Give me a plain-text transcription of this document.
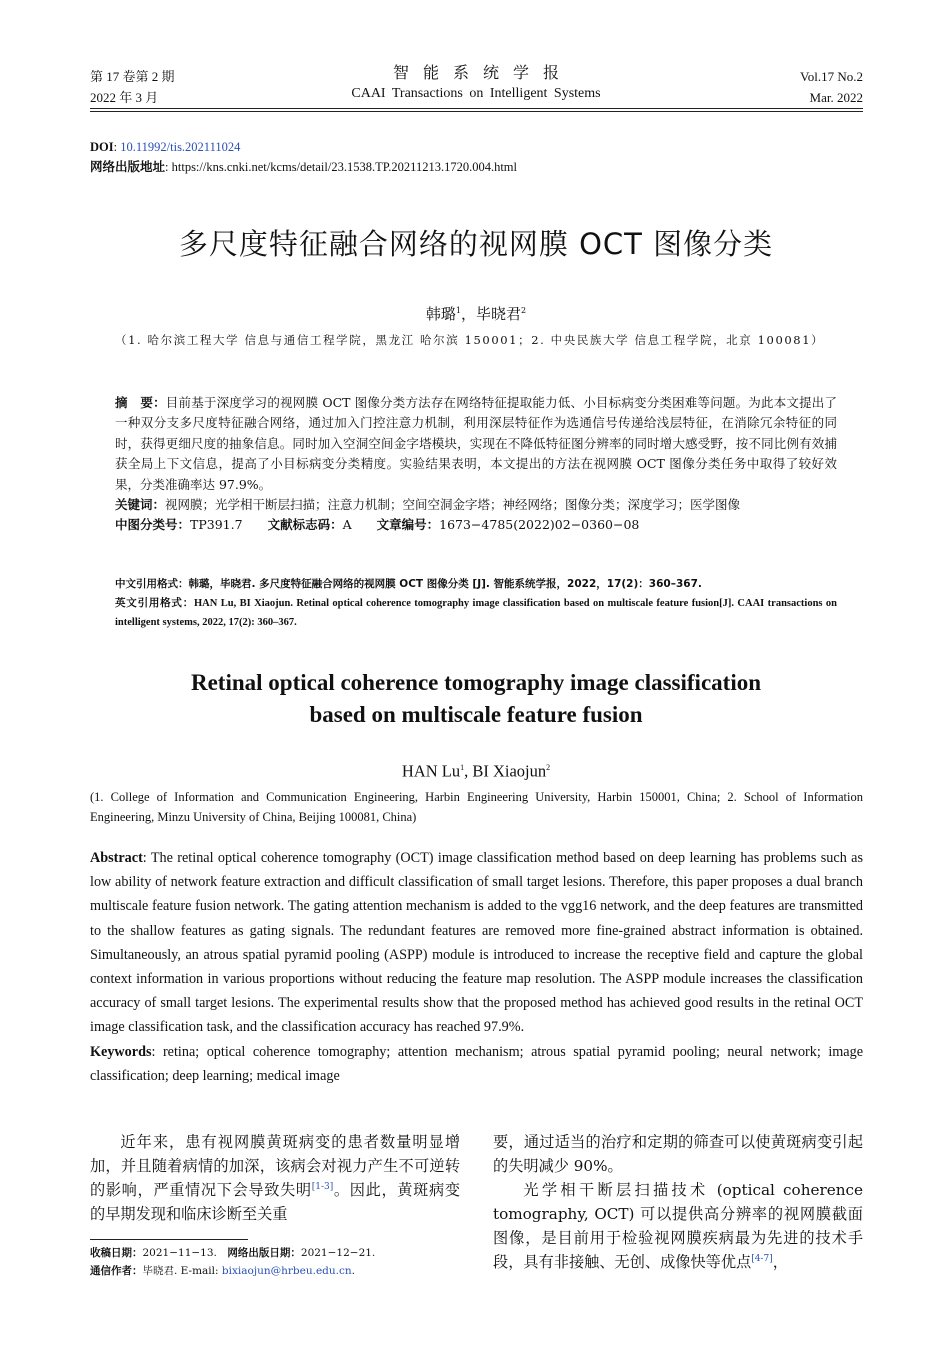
第 17 卷第 2 期
2022 年 3 月
智能系统学报
CAAI Transactions on Intelligent Systems
Vol.17 No.2
Mar. 2022
DOI: 10.11992/tis.202111024
网络出版地址: https://kns.cnki.net/kcms/detail/23.1538.TP.20211213.1720.004.html
多尺度特征融合网络的视网膜 OCT 图像分类
韩璐$^1$，毕晓君$^2$
（1. 哈尔滨工程大学 信息与通信工程学院，黑龙江 哈尔滨 150001；2. 中央民族大学 信息工程学院，北京 100081）

摘　要：目前基于深度学习的视网膜 OCT 图像分类方法存在网络特征提取能力低、小目标病变分类困难等问题。为此本文提出了一种双分支多尺度特征融合网络，通过加入门控注意力机制，利用深层特征作为选通信号传递给浅层特征，在消除冗余特征的同时，获得更细尺度的抽象信息。同时加入空洞空间金字塔模块，实现在不降低特征图分辨率的同时增大感受野，按不同比例有效捕获全局上下文信息，提高了小目标病变分类精度。实验结果表明，本文提出的方法在视网膜 OCT 图像分类任务中取得了较好效果，分类准确率达 97.9%。

关键词：视网膜；光学相干断层扫描；注意力机制；空间空洞金字塔；神经网络；图像分类；深度学习；医学图像

中图分类号：TP391.7   文献标志码：A   文章编号：1673−4785(2022)02−0360−08

中文引用格式：韩璐，毕晓君. 多尺度特征融合网络的视网膜 OCT 图像分类 [J]. 智能系统学报，2022，17(2)：360–367.

英文引用格式：HAN Lu, BI Xiaojun. Retinal optical coherence tomography image classification based on multiscale feature fusion[J]. CAAI transactions on intelligent systems, 2022, 17(2): 360–367.

Retinal optical coherence tomography image classification
based on multiscale feature fusion
HAN Lu$^1$, BI Xiaojun$^2$
(1. College of Information and Communication Engineering, Harbin Engineering University, Harbin 150001, China; 2. School of Information Engineering, Minzu University of China, Beijing 100081, China)

Abstract: The retinal optical coherence tomography (OCT) image classification method based on deep learning has problems such as low ability of network feature extraction and difficult classification of small target lesions. Therefore, this paper proposes a dual branch multiscale feature fusion network. The gating attention mechanism is added to the vgg16 network, and the deep features are transmitted to the shallow features as gating signals. The redundant features are removed more fine-grained abstract information is obtained. Simultaneously, an atrous spatial pyramid pooling (ASPP) module is introduced to increase the receptive field and capture the global context information in various proportions without reducing the feature map resolution. The ASPP module increases the classification accuracy of small target lesions. The experimental results show that the proposed method has achieved good results in the retinal OCT image classification task, and the classification accuracy has reached 97.9%.

Keywords: retina; optical coherence tomography; attention mechanism; atrous spatial pyramid pooling; neural network; image classification; deep learning; medical image

近年来，患有视网膜黄斑病变的患者数量明显增加，并且随着病情的加深，该病会对视力产生不可逆转的影响，严重情况下会导致失明[1-3]。因此，黄斑病变的早期发现和临床诊断至关重

要，通过适当的治疗和定期的筛查可以使黄斑病变引起的失明减少 90%。

光学相干断层扫描技术 (optical coherence tomography, OCT) 可以提供高分辨率的视网膜截面图像，是目前用于检验视网膜疾病最为先进的技术手段，具有非接触、无创、成像快等优点[4-7]，

收稿日期：2021−11−13.   网络出版日期：2021−12−21.

通信作者：毕晓君. E-mail: bixiaojun@hrbeu.edu.cn.
